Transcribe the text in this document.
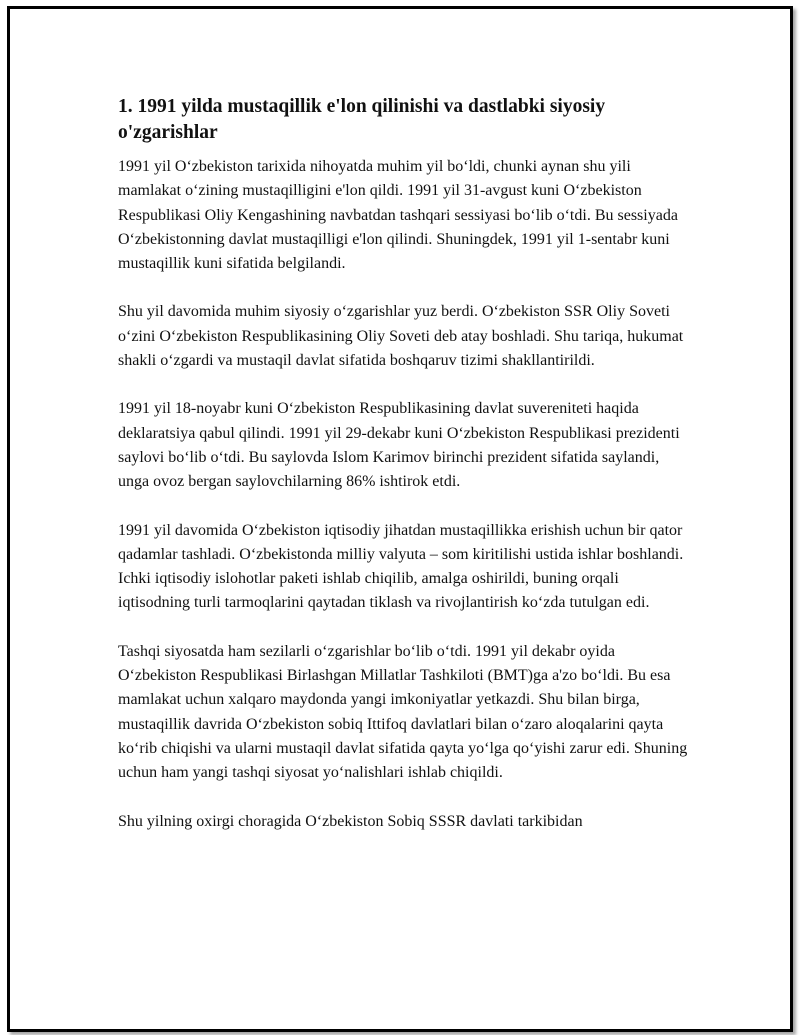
1. 1991 yilda mustaqillik e'lon qilinishi va dastlabki siyosiy o'zgarishlar

1991 yil O‘zbekiston tarixida nihoyatda muhim yil bo‘ldi, chunki aynan shu yili mamlakat o‘zining mustaqilligini e'lon qildi. 1991 yil 31-avgust kuni O‘zbekiston Respublikasi Oliy Kengashining navbatdan tashqari sessiyasi bo‘lib o‘tdi. Bu sessiyada O‘zbekistonning davlat mustaqilligi e'lon qilindi. Shuningdek, 1991 yil 1-sentabr kuni mustaqillik kuni sifatida belgilandi.

Shu yil davomida muhim siyosiy o‘zgarishlar yuz berdi. O‘zbekiston SSR Oliy Soveti o‘zini O‘zbekiston Respublikasining Oliy Soveti deb atay boshladi. Shu tariqa, hukumat shakli o‘zgardi va mustaqil davlat sifatida boshqaruv tizimi shakllantirildi.

1991 yil 18-noyabr kuni O‘zbekiston Respublikasining davlat suvereniteti haqida deklaratsiya qabul qilindi. 1991 yil 29-dekabr kuni O‘zbekiston Respublikasi prezidenti saylovi bo‘lib o‘tdi. Bu saylovda Islom Karimov birinchi prezident sifatida saylandi, unga ovoz bergan saylovchilarning 86% ishtirok etdi.

1991 yil davomida O‘zbekiston iqtisodiy jihatdan mustaqillikka erishish uchun bir qator qadamlar tashladi. O‘zbekistonda milliy valyuta – som kiritilishi ustida ishlar boshlandi. Ichki iqtisodiy islohotlar paketi ishlab chiqilib, amalga oshirildi, buning orqali iqtisodning turli tarmoqlarini qaytadan tiklash va rivojlantirish ko‘zda tutulgan edi.

Tashqi siyosatda ham sezilarli o‘zgarishlar bo‘lib o‘tdi. 1991 yil dekabr oyida O‘zbekiston Respublikasi Birlashgan Millatlar Tashkiloti (BMT)ga a'zo bo‘ldi. Bu esa mamlakat uchun xalqaro maydonda yangi imkoniyatlar yetkazdi. Shu bilan birga, mustaqillik davrida O‘zbekiston sobiq Ittifoq davlatlari bilan o‘zaro aloqalarini qayta ko‘rib chiqishi va ularni mustaqil davlat sifatida qayta yo‘lga qo‘yishi zarur edi. Shuning uchun ham yangi tashqi siyosat yo‘nalishlari ishlab chiqildi.

Shu yilning oxirgi choragida O‘zbekiston Sobiq SSSR davlati tarkibidan
